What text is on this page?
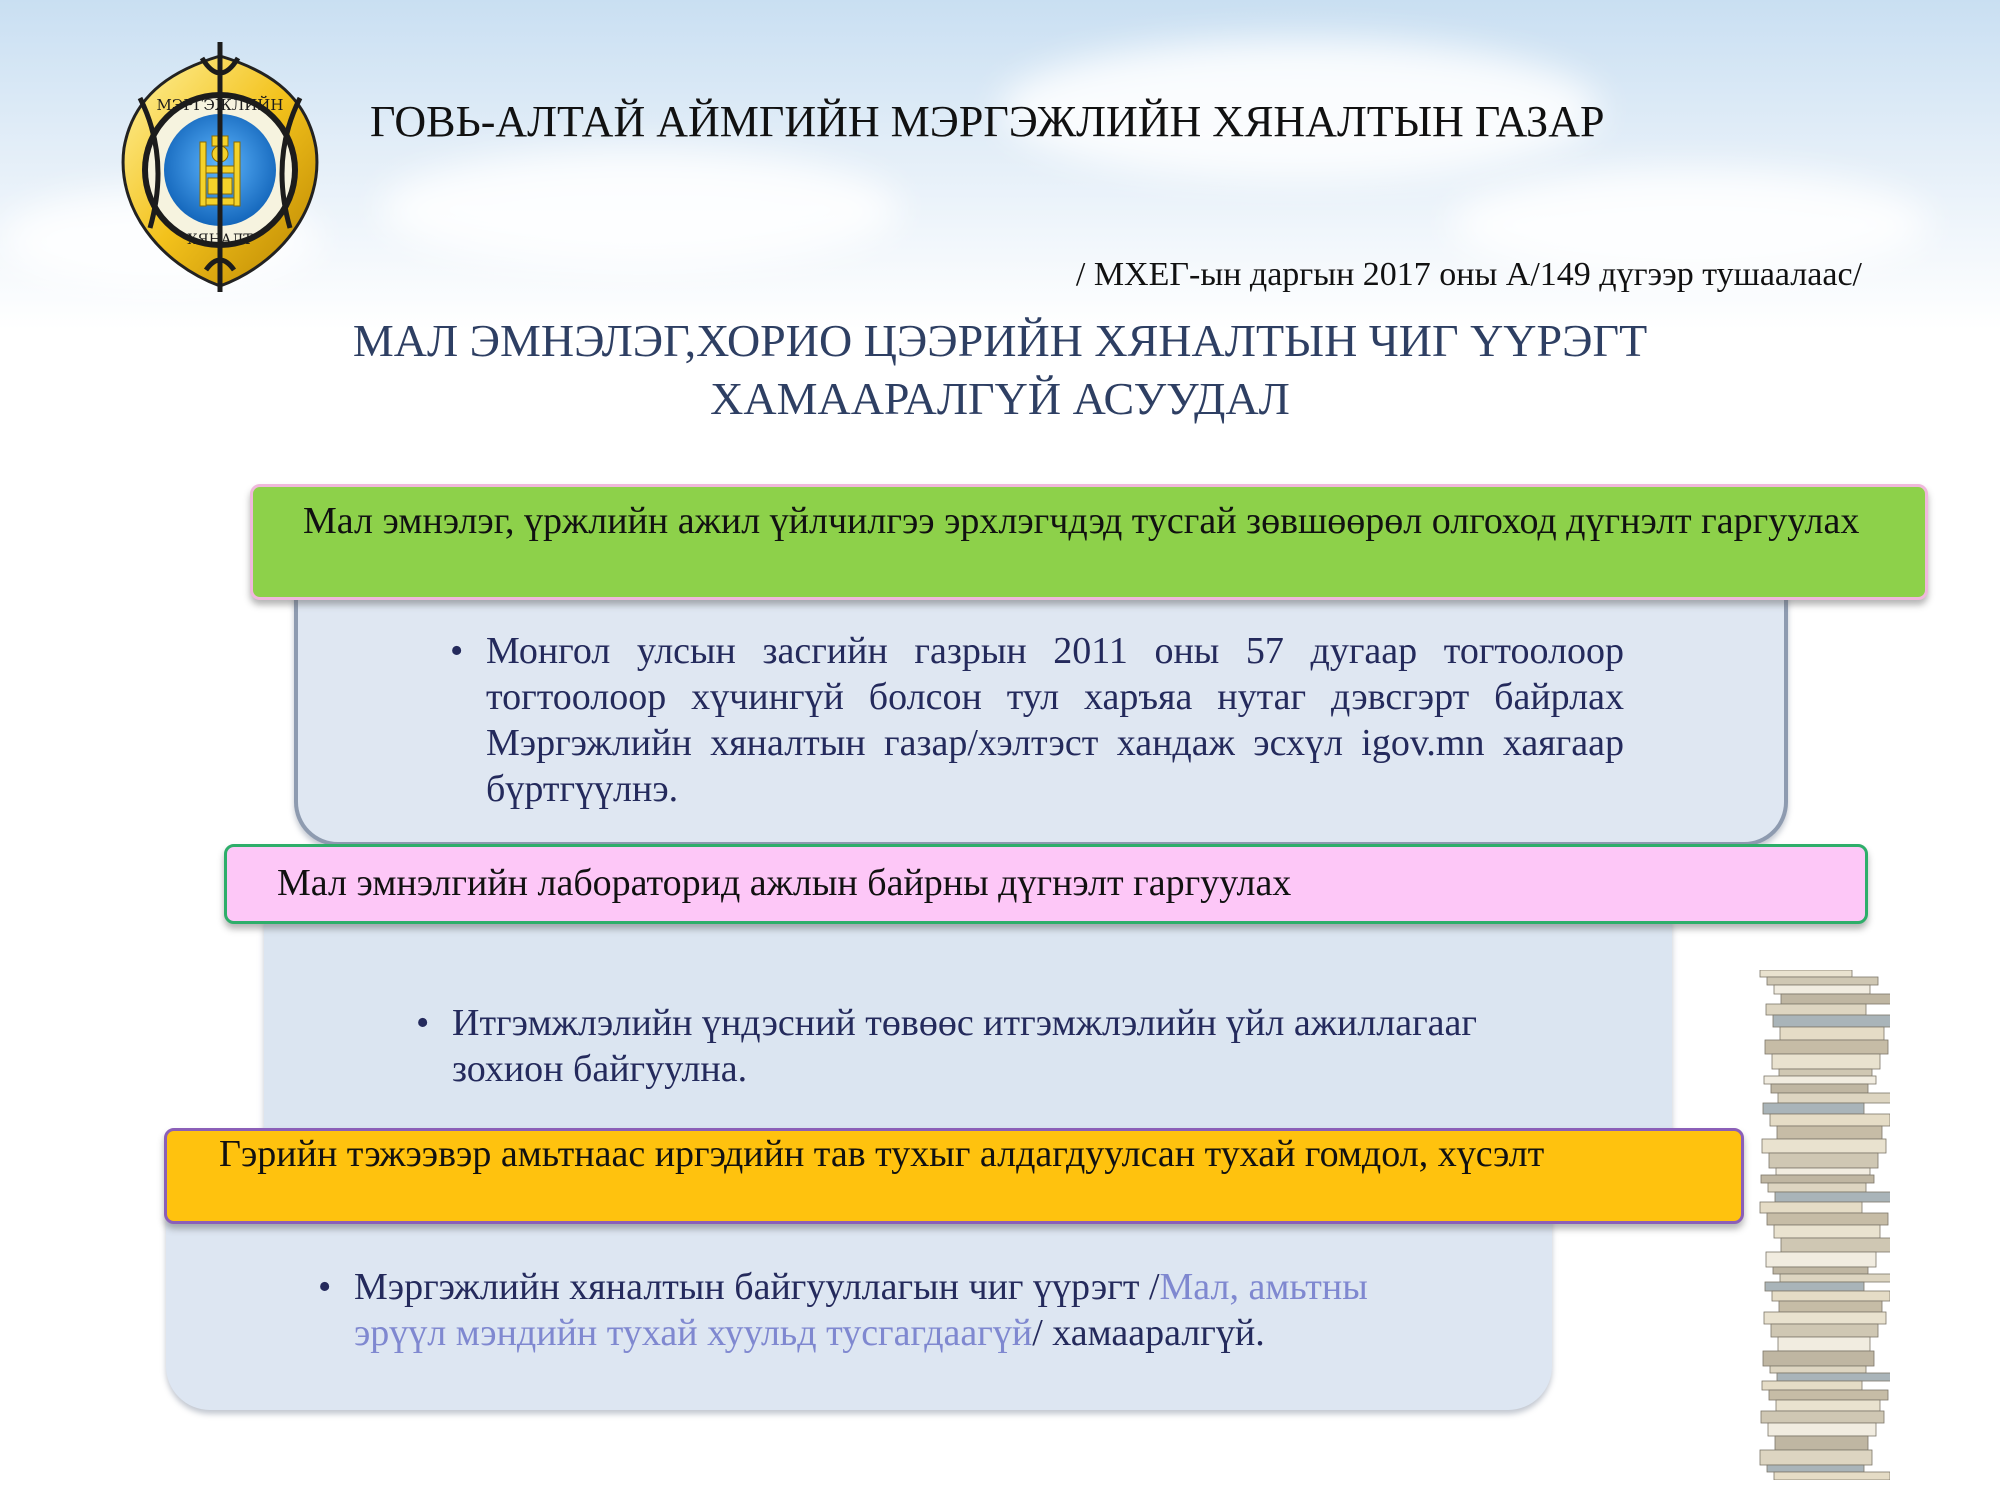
МЭРГЭЖЛИЙН
ХЯНАЛТ
ГОВЬ-АЛТАЙ АЙМГИЙН МЭРГЭЖЛИЙН ХЯНАЛТЫН ГАЗАР
/ МХЕГ-ын даргын 2017 оны А/149 дүгээр тушаалаас/
МАЛ ЭМНЭЛЭГ,ХОРИО ЦЭЭРИЙН ХЯНАЛТЫН ЧИГ ҮҮРЭГТ
ХАМААРАЛГҮЙ АСУУДАЛ
Мал эмнэлэг, үржлийн ажил үйлчилгээ эрхлэгчдэд тусгай зөвшөөрөл олгоход дүгнэлт гаргуулах
• Монгол улсын засгийн газрын 2011 оны 57 дугаар тогтоолоор тогтоолоор хүчингүй болсон тул харъяа нутаг дэвсгэрт байрлах Мэргэжлийн хяналтын газар/хэлтэст хандаж эсхүл igov.mn хаягаар бүртгүүлнэ.
Мал эмнэлгийн лабораторид ажлын байрны дүгнэлт гаргуулах
• Итгэмжлэлийн үндэсний төвөөс итгэмжлэлийн үйл ажиллагааг зохион байгуулна.
Гэрийн тэжээвэр амьтнаас иргэдийн тав тухыг алдагдуулсан тухай гомдол, хүсэлт
• Мэргэжлийн хяналтын байгууллагын чиг үүрэгт /Мал, амьтны эрүүл мэндийн тухай хуульд тусгагдаагүй/ хамааралгүй.
